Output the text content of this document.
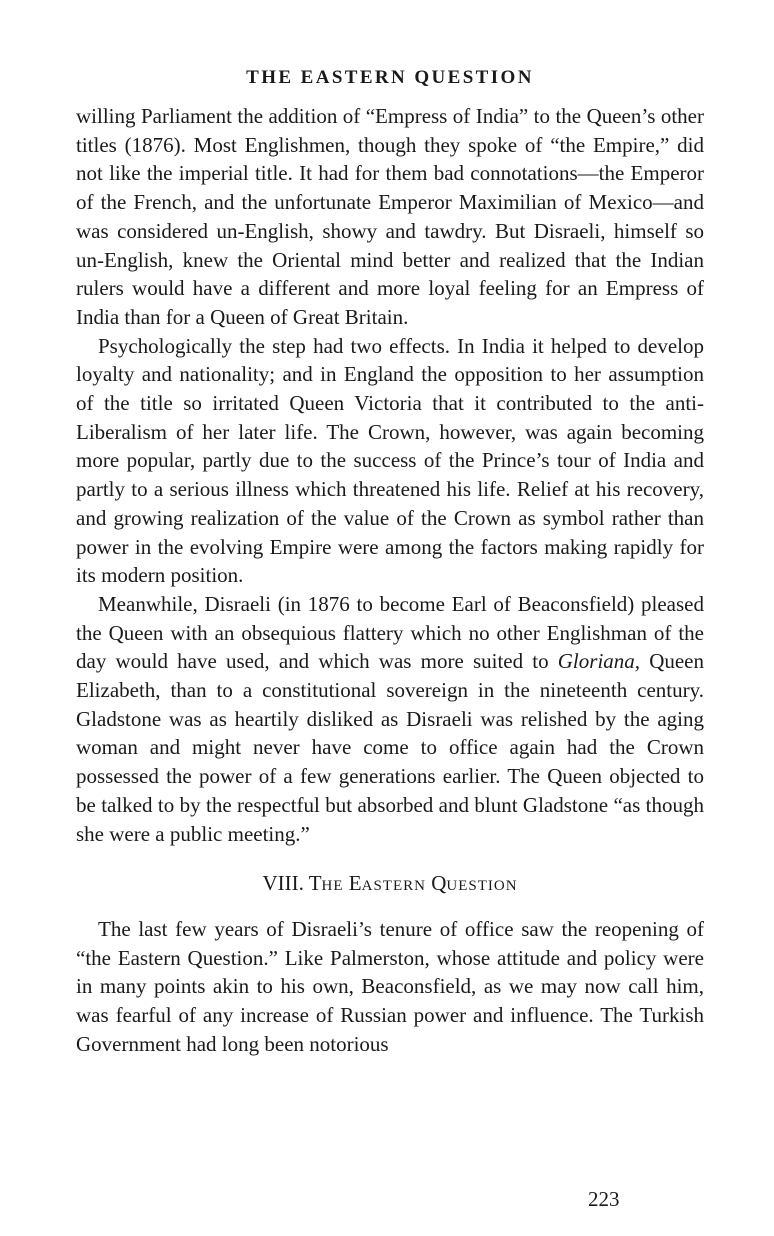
THE EASTERN QUESTION

willing Parliament the addition of “Empress of India” to the Queen’s other titles (1876). Most Englishmen, though they spoke of “the Empire,” did not like the imperial title. It had for them bad connotations—the Emperor of the French, and the unfortunate Emperor Maximilian of Mexico—and was considered un-English, showy and tawdry. But Disraeli, himself so un-English, knew the Oriental mind better and realized that the Indian rulers would have a different and more loyal feeling for an Empress of India than for a Queen of Great Britain.

Psychologically the step had two effects. In India it helped to develop loyalty and nationality; and in England the opposition to her assumption of the title so irritated Queen Victoria that it contributed to the anti-Liberalism of her later life. The Crown, however, was again becoming more popular, partly due to the success of the Prince’s tour of India and partly to a serious illness which threatened his life. Relief at his recovery, and growing realization of the value of the Crown as symbol rather than power in the evolving Empire were among the factors making rapidly for its modern position.

Meanwhile, Disraeli (in 1876 to become Earl of Beaconsfield) pleased the Queen with an obsequious flattery which no other Englishman of the day would have used, and which was more suited to Gloriana, Queen Elizabeth, than to a constitutional sovereign in the nineteenth century. Gladstone was as heartily disliked as Disraeli was relished by the aging woman and might never have come to office again had the Crown possessed the power of a few generations earlier. The Queen objected to be talked to by the respectful but absorbed and blunt Gladstone “as though she were a public meeting.”

VIII. THE EASTERN QUESTION

The last few years of Disraeli’s tenure of office saw the reopening of “the Eastern Question.” Like Palmerston, whose attitude and policy were in many points akin to his own, Beaconsfield, as we may now call him, was fearful of any increase of Russian power and influence. The Turkish Government had long been notorious

223
